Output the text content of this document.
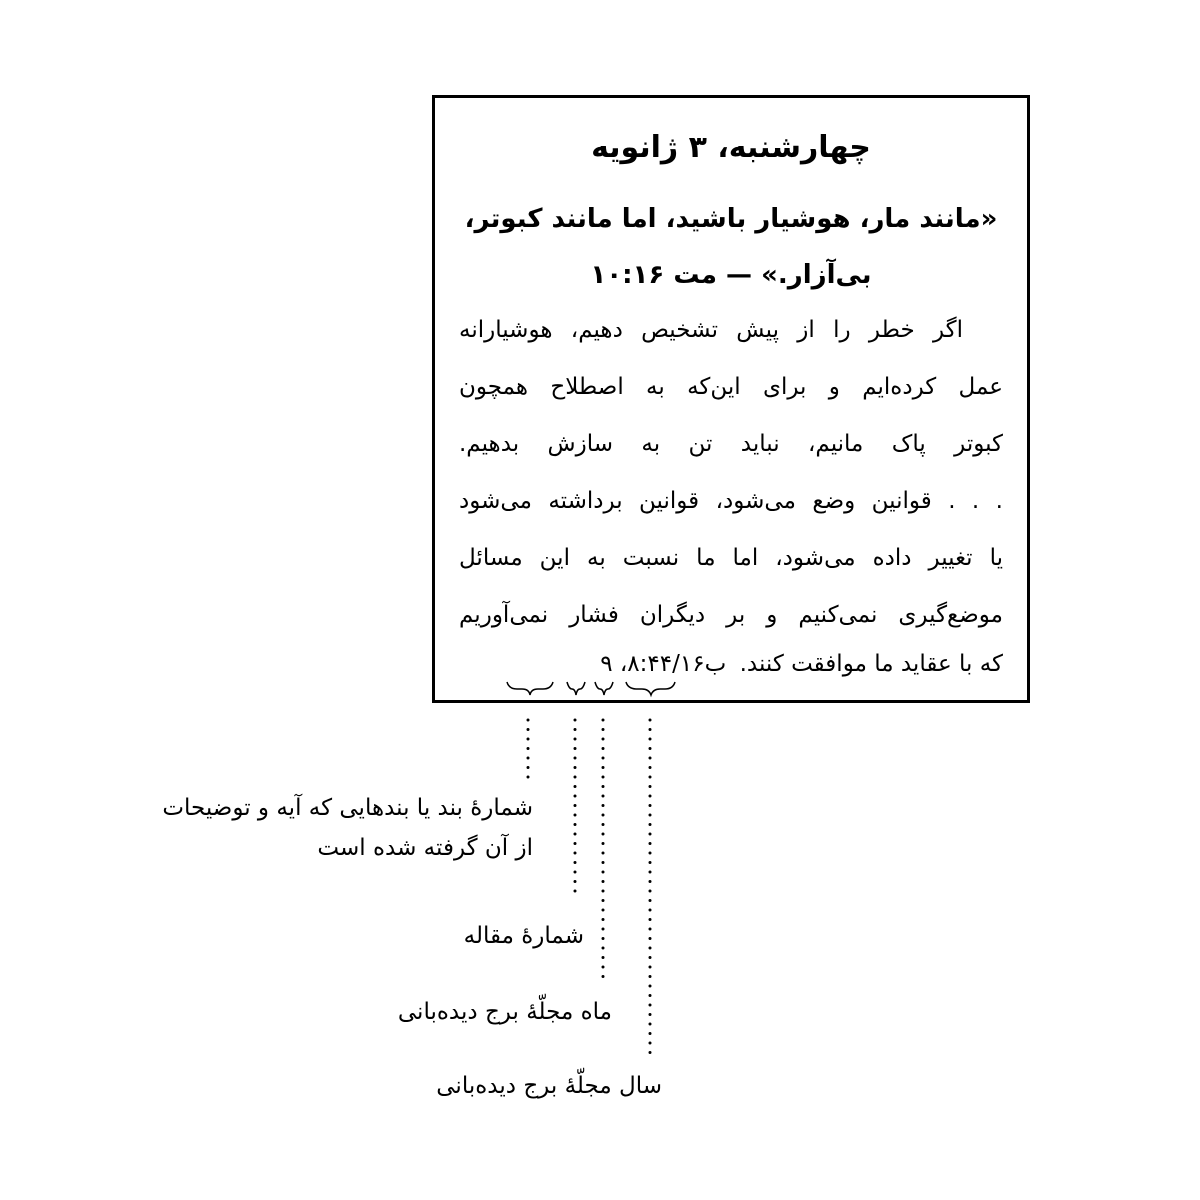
چهارشنبه، ۳ ژانویه
«مانند مار، هوشیار باشید، اما مانند کبوتر،
بی‌آزار.» — مت ۱۰:۱۶
اگر خطر را از پیش تشخیص دهیم، هوشیارانه
عمل کرده‌ایم و برای این‌که به اصطلاح همچون
کبوتر پاک مانیم، نباید تن به سازش بدهیم.
. . . قوانین وضع می‌شود، قوانین برداشته می‌شود
یا تغییر داده می‌شود، اما ما نسبت به این مسائل
موضع‌گیری نمی‌کنیم و بر دیگران فشار نمی‌آوریم
که با عقاید ما موافقت کنند. ب۱۶/۴۴:۸، ۹
شمارهٔ بند یا بندهایی که آیه و توضیحات
از آن گرفته شده است
شمارهٔ مقاله
ماه مجلّهٔ برج دیده‌بانی
سال مجلّهٔ برج دیده‌بانی
